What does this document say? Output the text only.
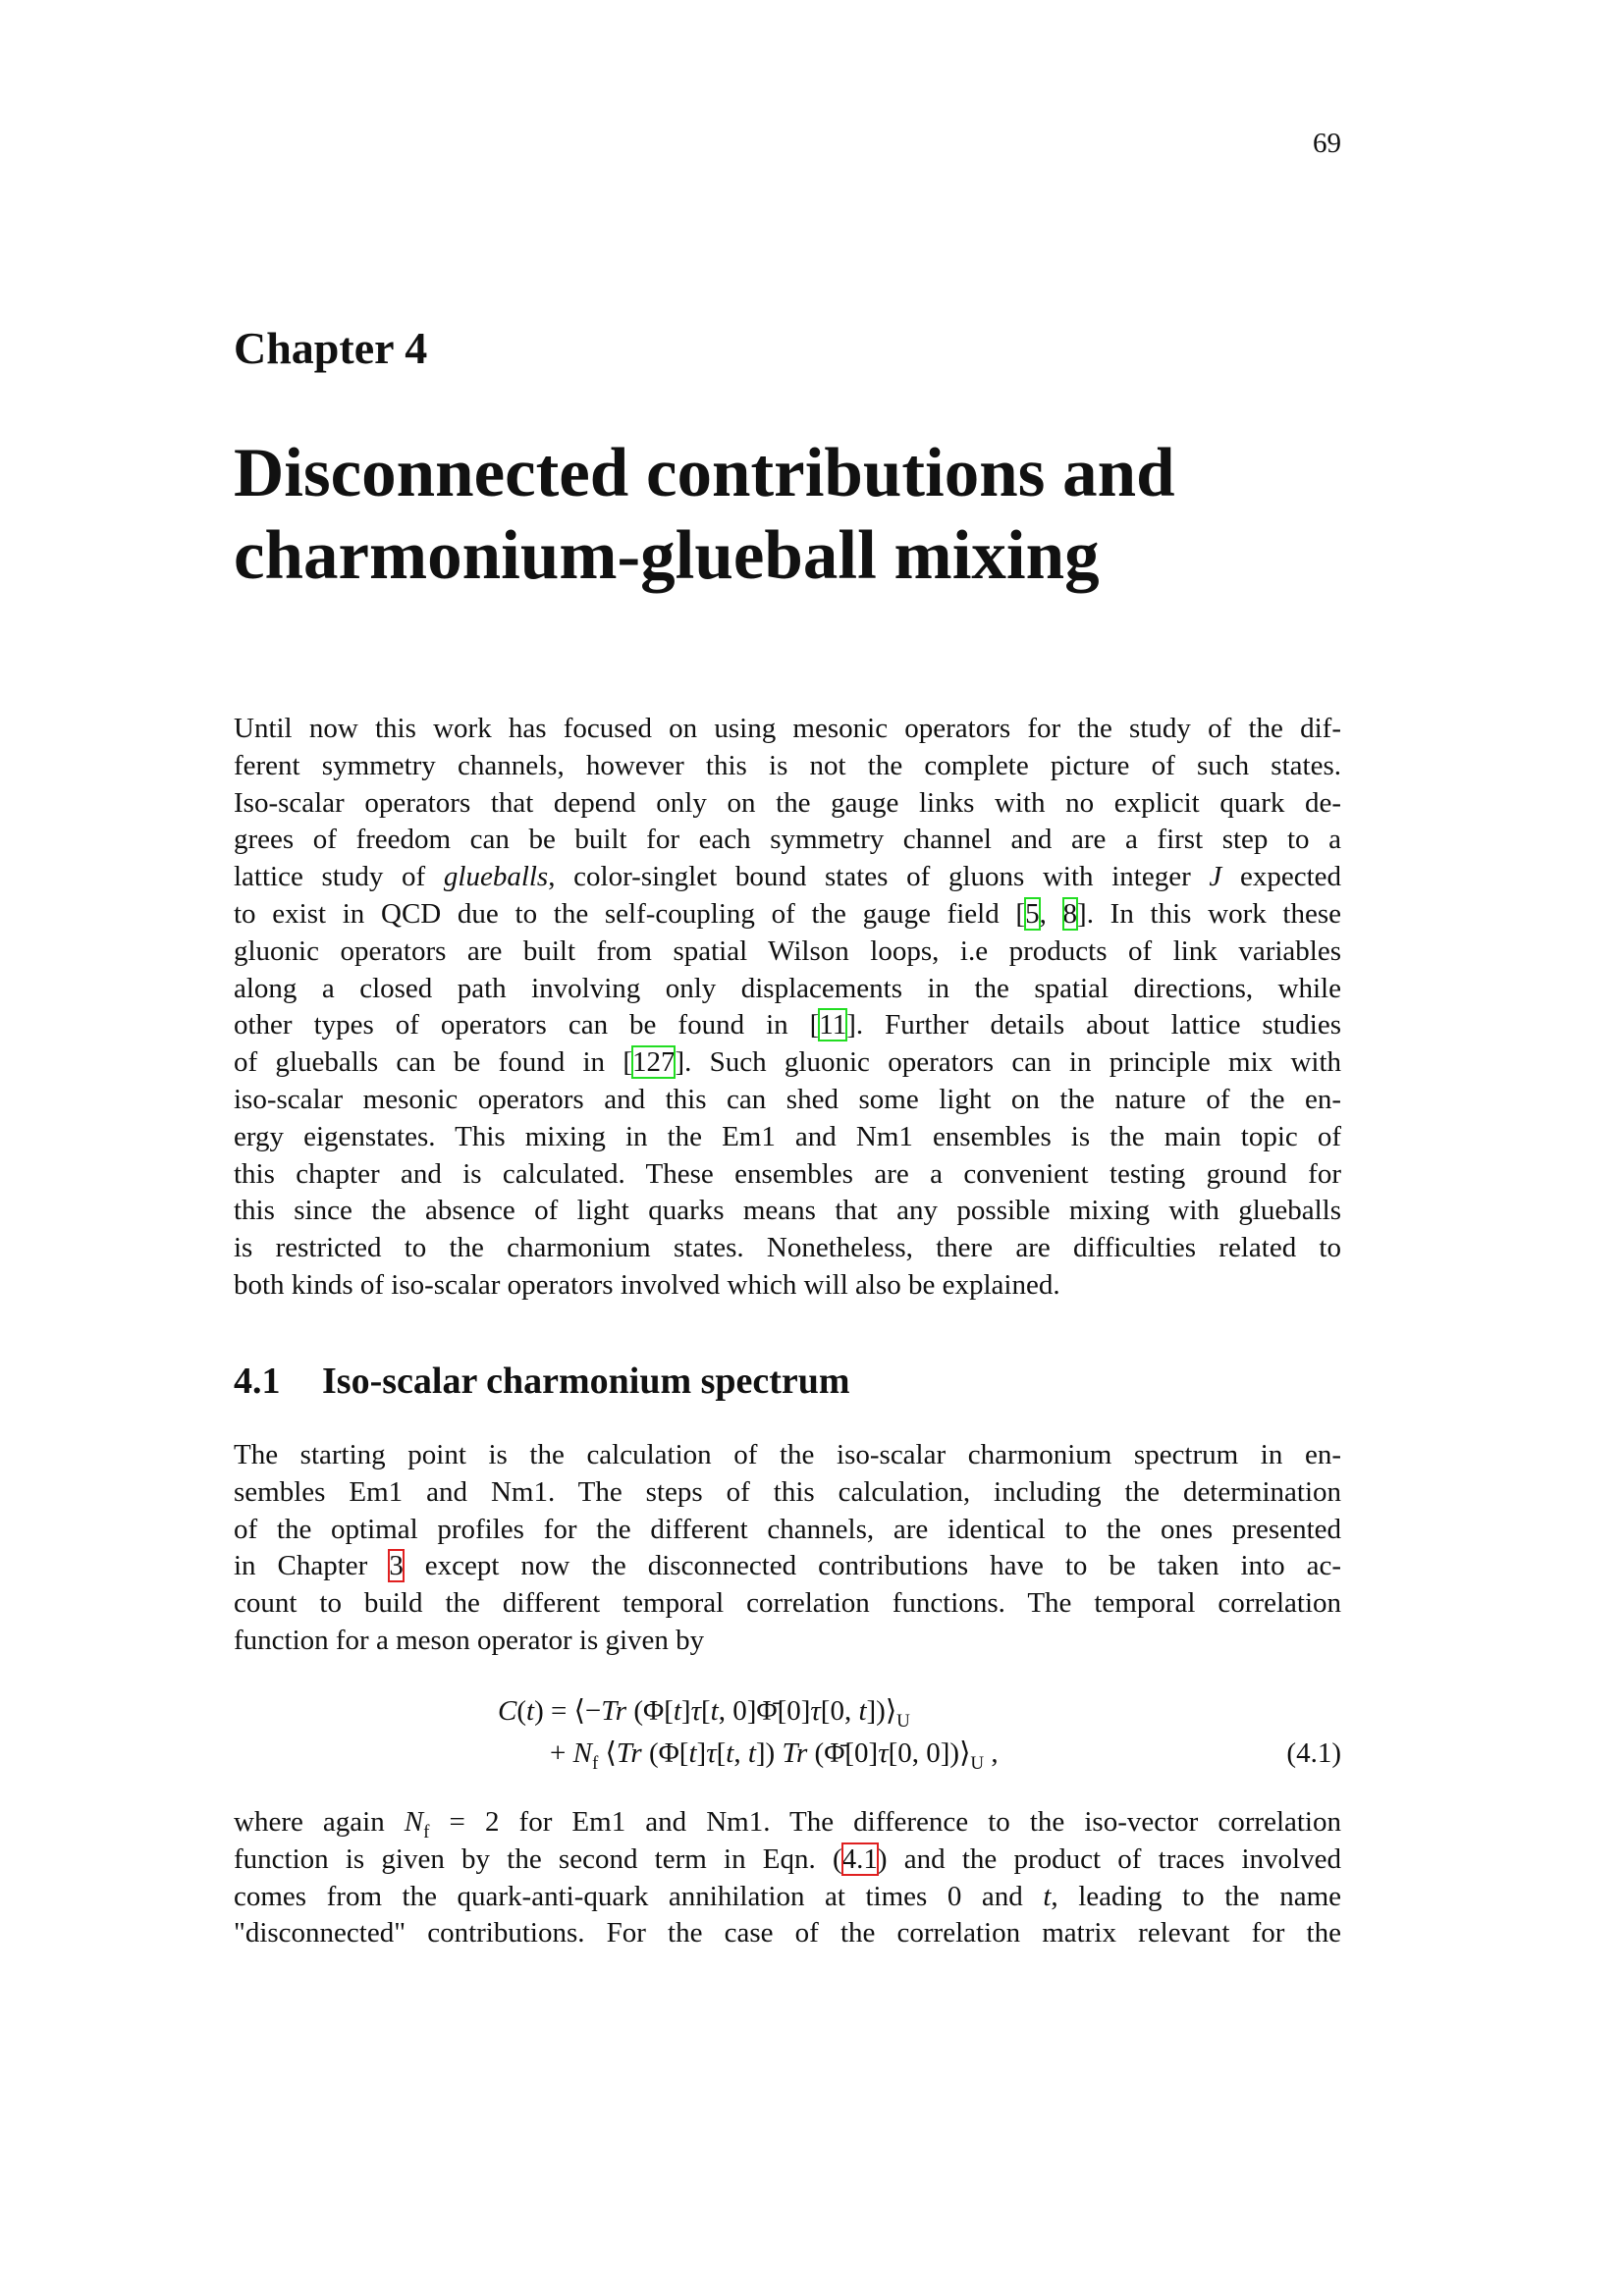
69
Chapter 4
Disconnected contributions and
charmonium-glueball mixing
Until now this work has focused on using mesonic operators for the study of the dif-
ferent symmetry channels, however this is not the complete picture of such states.
Iso-scalar operators that depend only on the gauge links with no explicit quark de-
grees of freedom can be built for each symmetry channel and are a first step to a
lattice study of glueballs, color-singlet bound states of gluons with integer J expected
to exist in QCD due to the self-coupling of the gauge field [5, 8]. In this work these
gluonic operators are built from spatial Wilson loops, i.e products of link variables
along a closed path involving only displacements in the spatial directions, while
other types of operators can be found in [11]. Further details about lattice studies
of glueballs can be found in [127]. Such gluonic operators can in principle mix with
iso-scalar mesonic operators and this can shed some light on the nature of the en-
ergy eigenstates. This mixing in the Em1 and Nm1 ensembles is the main topic of
this chapter and is calculated. These ensembles are a convenient testing ground for
this since the absence of light quarks means that any possible mixing with glueballs
is restricted to the charmonium states. Nonetheless, there are difficulties related to
both kinds of iso-scalar operators involved which will also be explained.
4.1 Iso-scalar charmonium spectrum
The starting point is the calculation of the iso-scalar charmonium spectrum in en-
sembles Em1 and Nm1. The steps of this calculation, including the determination
of the optimal profiles for the different channels, are identical to the ones presented
in Chapter 3 except now the disconnected contributions have to be taken into ac-
count to build the different temporal correlation functions. The temporal correlation
function for a meson operator is given by
C(t) = ⟨−Tr (Φ[t]τ[t, 0]Φ̄[0]τ[0, $t])⟩_U$
+ $N_f$ ⟨Tr (Φ[t]τ[t, t]) Tr (Φ̄[0]τ[0, $0])⟩_U$ ,	(4.1)
where again $N_f = 2$ for Em1 and Nm1. The difference to the iso-vector correlation
function is given by the second term in Eqn. (4.1) and the product of traces involved
comes from the quark-anti-quark annihilation at times 0 and t, leading to the name
"disconnected" contributions. For the case of the correlation matrix relevant for the
